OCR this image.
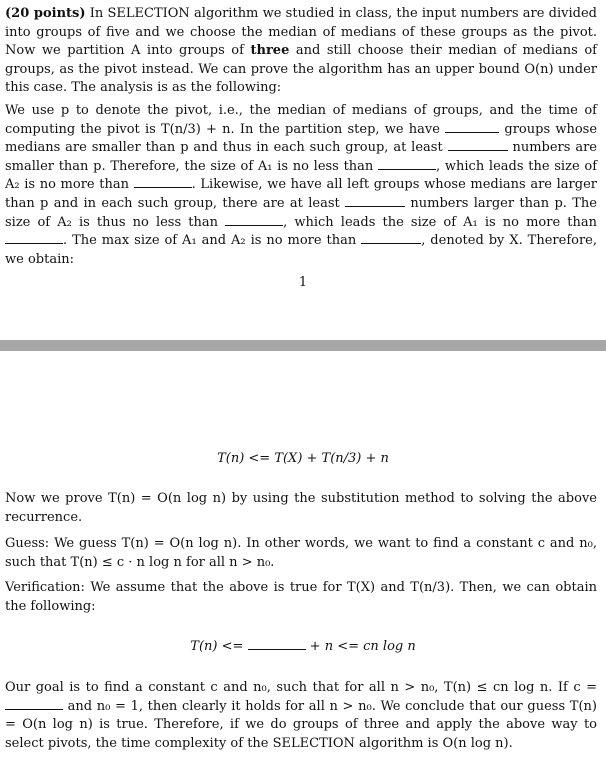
(20 points) In SELECTION algorithm we studied in class, the input numbers are divided into groups of five and we choose the median of medians of these groups as the pivot. Now we partition A into groups of three and still choose their median of medians of groups, as the pivot instead. We can prove the algorithm has an upper bound O(n) under this case. The analysis is as the following:

We use p to denote the pivot, i.e., the median of medians of groups, and the time of computing the pivot is T(n/3) + n. In the partition step, we have	groups whose medians are smaller than p and thus in each such group, at least	numbers are smaller than p. Therefore, the size of A₁ is no less than	, which leads the size of A₂ is no more than	. Likewise, we have all left groups whose medians are larger than p and in each such group, there are at least	numbers larger than p. The size of A₂ is thus no less than	, which leads the size of A₁ is no more than . The max size of A₁ and A₂ is no more than	, denoted by X. Therefore, we obtain:

1
T(n) <= T(X) + T(n/3) + n

Now we prove T(n) = O(n log n) by using the substitution method to solving the above recurrence.

Guess: We guess T(n) = O(n log n). In other words, we want to find a constant c and n₀, such that T(n) ≤ c · n log n for all n > n₀.

Verification: We assume that the above is true for T(X) and T(n/3). Then, we can obtain the following:

T(n) <=	+ n <= cn log n

Our goal is to find a constant c and n₀, such that for all n > n₀, T(n) ≤ cn log n. If c =  and n₀ = 1, then clearly it holds for all n > n₀. We conclude that our guess T(n) = O(n log n) is true. Therefore, if we do groups of three and apply the above way to select pivots, the time complexity of the SELECTION algorithm is O(n log n).
